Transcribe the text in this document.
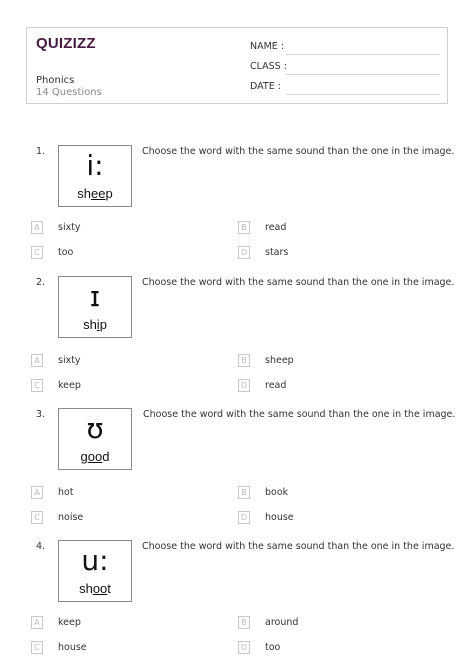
QUIZIZZ
Phonics
14 Questions
NAME :
CLASS :
DATE :
1.	i:
sheep
Choose the word with the same sound than the one in the image.
A	sixty	B	read
C	too	D	stars
2.	ɪ
ship
Choose the word with the same sound than the one in the image.
A	sixty	B	sheep
C	keep	D	read
3.	ʊ
good
Choose the word with the same sound than the one in the image.
A	hot	B	book
C	noise	D	house
4.	u:
shoot
Choose the word with the same sound than the one in the image.
A	keep	B	around
C	house	D	too
